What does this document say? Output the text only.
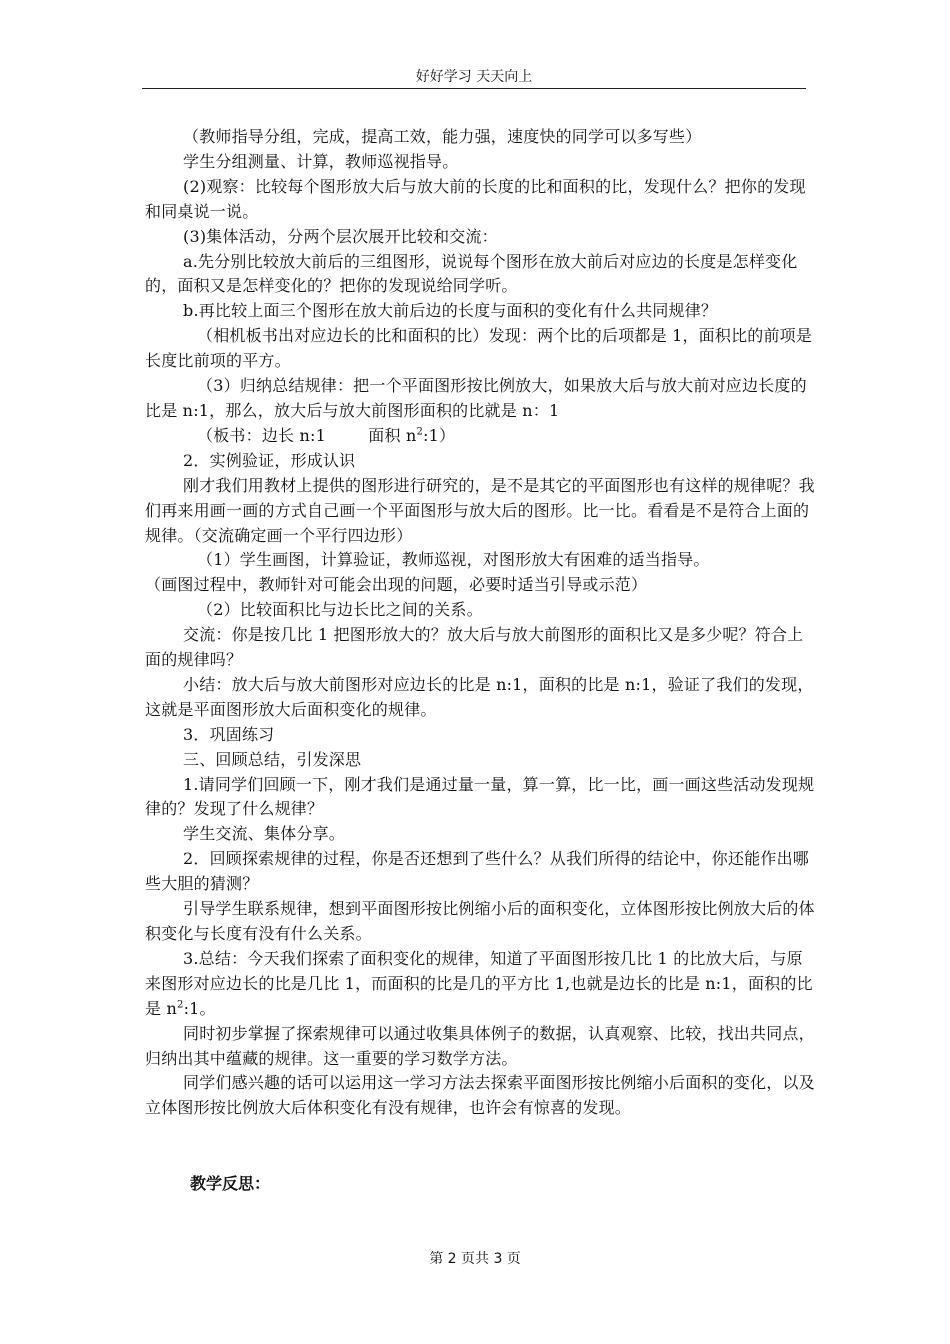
好好学习 天天向上

（教师指导分组，完成，提高工效，能力强，速度快的同学可以多写些）

学生分组测量、计算，教师巡视指导。

(2)观察：比较每个图形放大后与放大前的长度的比和面积的比，发现什么？把你的发现和同桌说一说。

(3)集体活动，分两个层次展开比较和交流：

a.先分别比较放大前后的三组图形，说说每个图形在放大前后对应边的长度是怎样变化的，面积又是怎样变化的？把你的发现说给同学听。

b.再比较上面三个图形在放大前后边的长度与面积的变化有什么共同规律？

（相机板书出对应边长的比和面积的比）发现：两个比的后项都是 1，面积比的前项是长度比前项的平方。

（3）归纳总结规律：把一个平面图形按比例放大，如果放大后与放大前对应边长度的比是 n:1，那么，放大后与放大前图形面积的比就是 n：1

（板书：边长 n:1	面积 $n^2:1$）

2．实例验证，形成认识

刚才我们用教材上提供的图形进行研究的，是不是其它的平面图形也有这样的规律呢？我们再来用画一画的方式自己画一个平面图形与放大后的图形。比一比。看看是不是符合上面的规律。（交流确定画一个平行四边形）

（1）学生画图，计算验证，教师巡视，对图形放大有困难的适当指导。

（画图过程中，教师针对可能会出现的问题，必要时适当引导或示范）

（2）比较面积比与边长比之间的关系。

交流：你是按几比 1 把图形放大的？放大后与放大前图形的面积比又是多少呢？符合上面的规律吗？

小结：放大后与放大前图形对应边长的比是 n:1，面积的比是 n:1，验证了我们的发现，这就是平面图形放大后面积变化的规律。

3．巩固练习

三、回顾总结，引发深思

1.请同学们回顾一下，刚才我们是通过量一量，算一算，比一比，画一画这些活动发现规律的？发现了什么规律？

学生交流、集体分享。

2．回顾探索规律的过程，你是否还想到了些什么？从我们所得的结论中，你还能作出哪些大胆的猜测？

引导学生联系规律，想到平面图形按比例缩小后的面积变化，立体图形按比例放大后的体积变化与长度有没有什么关系。

3.总结：今天我们探索了面积变化的规律，知道了平面图形按几比 1 的比放大后，与原来图形对应边长的比是几比 1，而面积的比是几的平方比 1,也就是边长的比是 n:1，面积的比是 $n^2:1$。

同时初步掌握了探索规律可以通过收集具体例子的数据，认真观察、比较，找出共同点，归纳出其中蕴藏的规律。这一重要的学习数学方法。

同学们感兴趣的话可以运用这一学习方法去探索平面图形按比例缩小后面积的变化，以及立体图形按比例放大后体积变化有没有规律，也许会有惊喜的发现。

教学反思：
第 2 页共 3 页
